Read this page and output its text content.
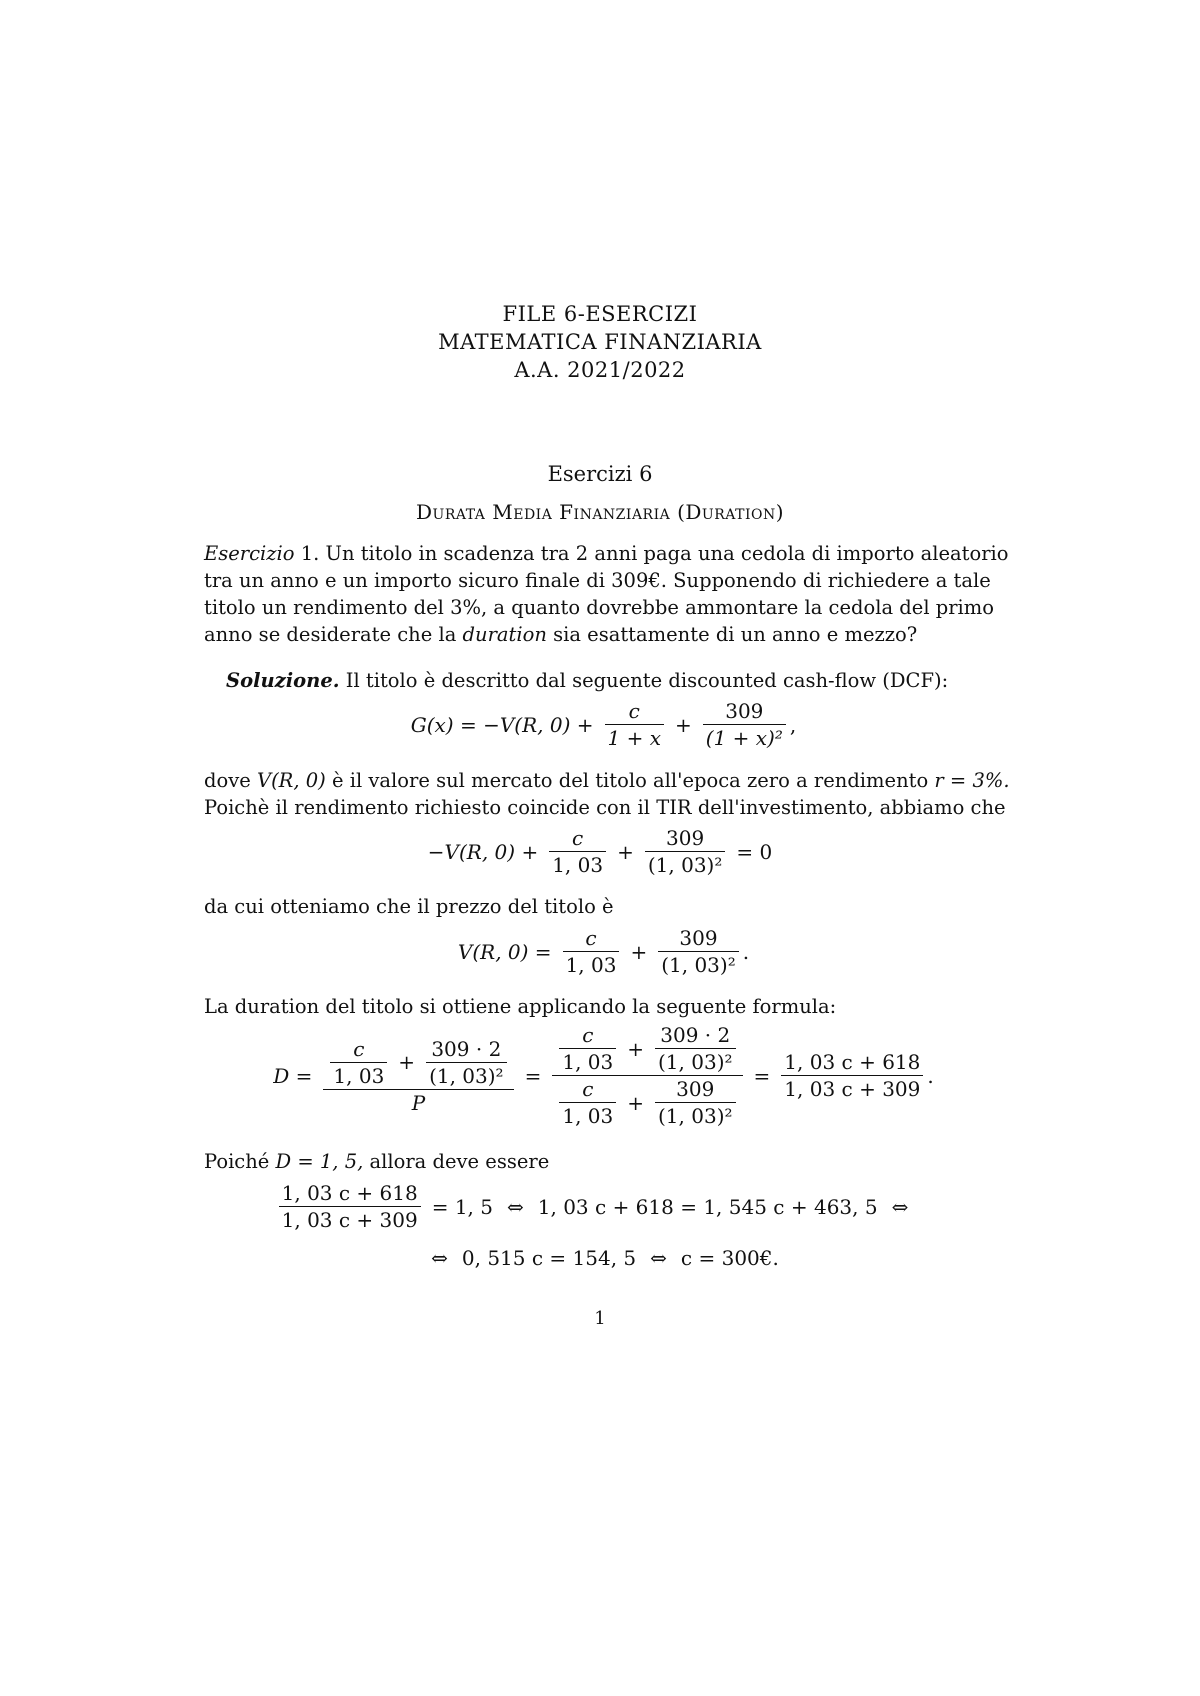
FILE 6-ESERCIZI
MATEMATICA FINANZIARIA
A.A. 2021/2022
Esercizi 6
Durata Media Finanziaria (Duration)
Esercizio 1. Un titolo in scadenza tra 2 anni paga una cedola di importo aleatorio tra un anno e un importo sicuro finale di 309€. Supponendo di richiedere a tale titolo un rendimento del 3%, a quanto dovrebbe ammontare la cedola del primo anno se desiderate che la duration sia esattamente di un anno e mezzo?
Soluzione. Il titolo è descritto dal seguente discounted cash-flow (DCF):
G(x) = −V(R, $0) + \frac{c}{1 + x} + \frac{309}{\text{(1 + x)²}}$ ,
dove V(R, 0) è il valore sul mercato del titolo all'epoca zero a rendimento r = 3%.
Poichè il rendimento richiesto coincide con il TIR dell'investimento, abbiamo che
−V(R, $0) + \frac{c}{1, 03} + \frac{309}{\text{(1, 03)²}} = 0$
da cui otteniamo che il prezzo del titolo è
V(R, $0) = \frac{c}{1, 03} + \frac{309}{\text{(1, 03)²}}$ .
La duration del titolo si ottiene applicando la seguente formula:
$D = \frac{c}{1, 03} + \frac{309 \cdot 2}{\text{(1, 03)²}}$
P
=
$\frac{c}{1, 03} + \frac{309 \cdot 2}{\text{(1, 03)²}}$
$\frac{c}{1, 03} + \frac{309}{\text{(1, 03)²}}$
= $\frac{1, 03 c + 618}{1, 03 c + 309}$ .
Poiché D = 1, 5, allora deve essere
$\frac{1, 03 c + 618}{1, 03 c + 309} = 1$, 5 ⇔ 1, 03 c + 618 = 1, 545 c + 463, 5 ⇔
⇔ 0, 515 c = 154, 5 ⇔ c = 300€.
1
